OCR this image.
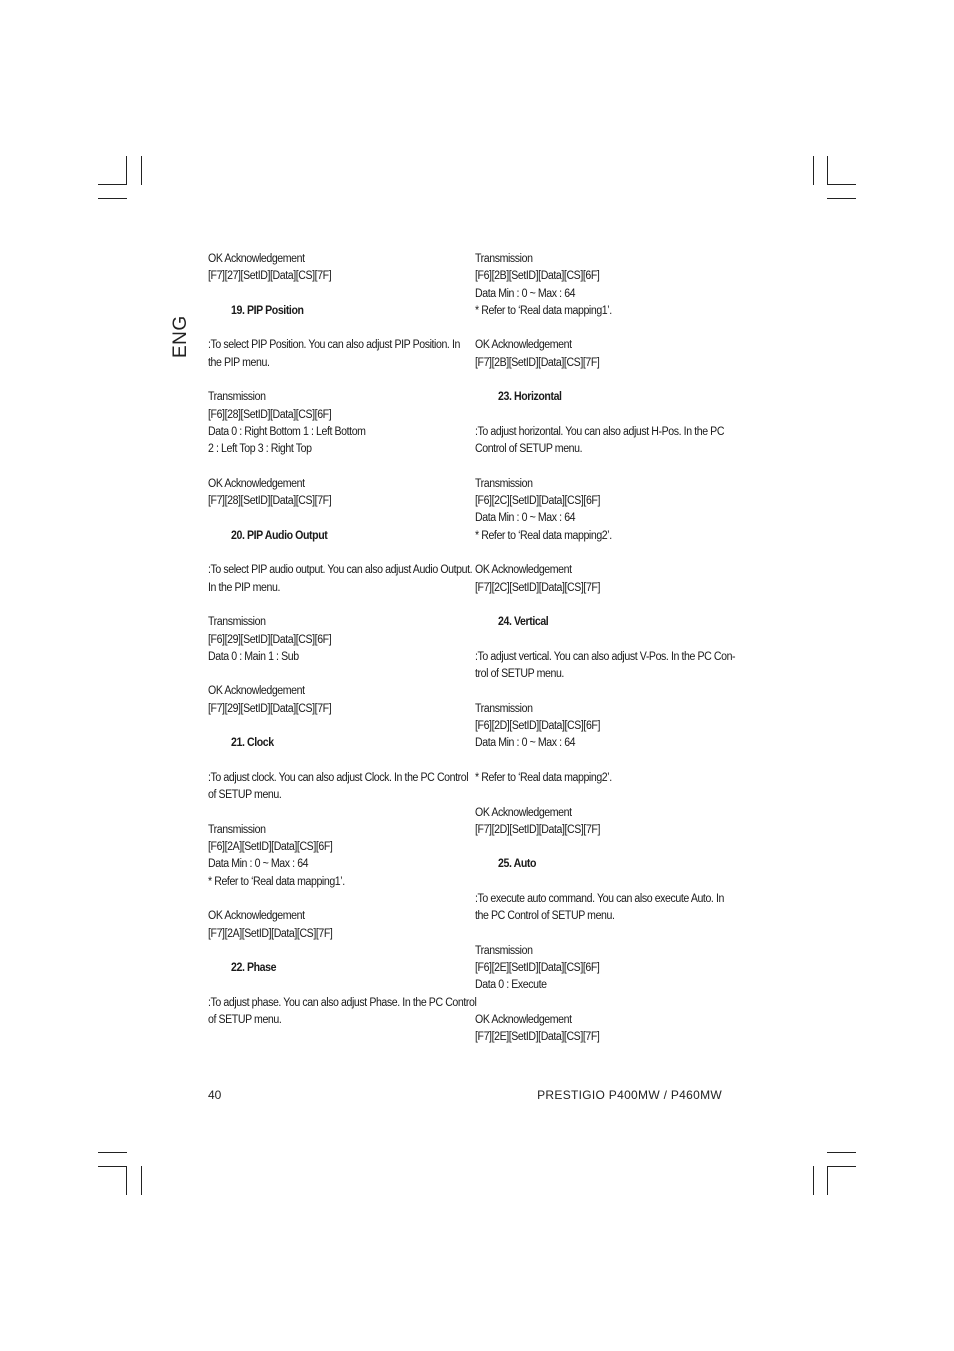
ENG
OK Acknowledgement
[F7][27][SetID][Data][CS][7F]
19. PIP Position
:To select PIP Position. You can also adjust PIP Position. In
the PIP menu.
Transmission
[F6][28][SetID][Data][CS][6F]
Data 0 : Right Bottom 1 : Left Bottom
2 : Left Top 3 : Right Top
OK Acknowledgement
[F7][28][SetID][Data][CS][7F]
20. PIP Audio Output
:To select PIP audio output. You can also adjust Audio Output.
In the PIP menu.
Transmission
[F6][29][SetID][Data][CS][6F]
Data 0 : Main 1 : Sub
OK Acknowledgement
[F7][29][SetID][Data][CS][7F]
21. Clock
:To adjust clock. You can also adjust Clock. In the PC Control
of SETUP menu.
Transmission
[F6][2A][SetID][Data][CS][6F]
Data Min : 0 ~ Max : 64
* Refer to ‘Real data mapping1’.
OK Acknowledgement
[F7][2A][SetID][Data][CS][7F]
22. Phase
:To adjust phase. You can also adjust Phase. In the PC Control
of SETUP menu.
Transmission
[F6][2B][SetID][Data][CS][6F]
Data Min : 0 ~ Max : 64
* Refer to ‘Real data mapping1’.
OK Acknowledgement
[F7][2B][SetID][Data][CS][7F]
23. Horizontal
:To adjust horizontal. You can also adjust H-Pos. In the PC
Control of SETUP menu.
Transmission
[F6][2C][SetID][Data][CS][6F]
Data Min : 0 ~ Max : 64
* Refer to ‘Real data mapping2’.
OK Acknowledgement
[F7][2C][SetID][Data][CS][7F]
24. Vertical
:To adjust vertical. You can also adjust V-Pos. In the PC Con-
trol of SETUP menu.
Transmission
[F6][2D][SetID][Data][CS][6F]
Data Min : 0 ~ Max : 64
* Refer to ‘Real data mapping2’.
OK Acknowledgement
[F7][2D][SetID][Data][CS][7F]
25. Auto
:To execute auto command. You can also execute Auto. In
the PC Control of SETUP menu.
Transmission
[F6][2E][SetID][Data][CS][6F]
Data 0 : Execute
OK Acknowledgement
[F7][2E][SetID][Data][CS][7F]
40	PRESTIGIO P400MW / P460MW
